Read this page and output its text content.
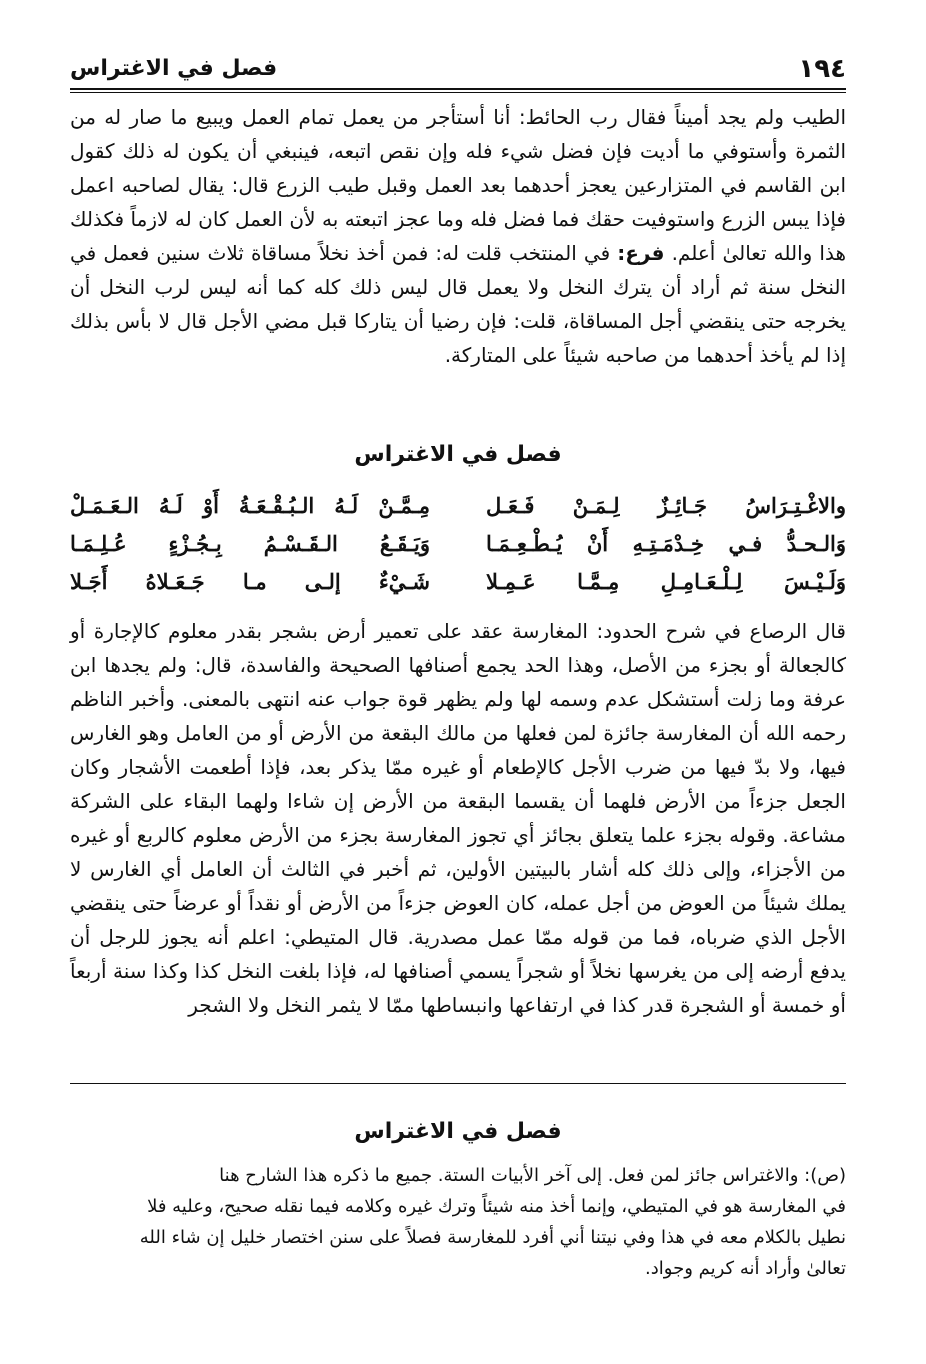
١٩٤
فصل في الاغتراس
الطيب ولم يجد أميناً فقال رب الحائط: أنا أستأجر من يعمل تمام العمل ويبيع ما صار له من الثمرة وأستوفي ما أديت فإن فضل شيء فله وإن نقص اتبعه، فينبغي أن يكون له ذلك كقول ابن القاسم في المتزارعين يعجز أحدهما بعد العمل وقبل طيب الزرع قال: يقال لصاحبه اعمل فإذا يبس الزرع واستوفيت حقك فما فضل فله وما عجز اتبعته به لأن العمل كان له لازماً فكذلك هذا والله تعالىٰ أعلم. فرع: في المنتخب قلت له: فمن أخذ نخلاً مساقاة ثلاث سنين فعمل في النخل سنة ثم أراد أن يترك النخل ولا يعمل قال ليس ذلك كله كما أنه ليس لرب النخل أن يخرجه حتى ينقضي أجل المساقاة، قلت: فإن رضيا أن يتاركا قبل مضي الأجل قال لا بأس بذلك إذا لم يأخذ أحدهما من صاحبه شيئاً على المتاركة.
فصل في الاغتراس
والاغْـتِـرَاسُ جَـائِـزٌ لِـمَـنْ فَـعَـل
مِـمَّـنْ لَـهُ الـبُـقْـعَـةُ أَوْ لَـهُ الـعَـمَـلْ
وَالـحـدُّ فـي خِـدْمَـتِـهِ أَنْ يُـطْـعِـمَـا
وَيَـقَـعُ الـقَـسْـمُ بِـجُـزْءٍ عُـلِـمَـا
وَلَـيْـسَ لِـلْـعَـامِـلِ مِـمَّـا عَـمِـلا
شَـيْءٌ إلـى مـا جَـعَـلاهُ أَجَـلا
قال الرصاع في شرح الحدود: المغارسة عقد على تعمير أرض بشجر بقدر معلوم كالإجارة أو كالجعالة أو بجزء من الأصل، وهذا الحد يجمع أصنافها الصحيحة والفاسدة، قال: ولم يجدها ابن عرفة وما زلت أستشكل عدم وسمه لها ولم يظهر قوة جواب عنه انتهى بالمعنى. وأخبر الناظم رحمه الله أن المغارسة جائزة لمن فعلها من مالك البقعة من الأرض أو من العامل وهو الغارس فيها، ولا بدّ فيها من ضرب الأجل كالإطعام أو غيره ممّا يذكر بعد، فإذا أطعمت الأشجار وكان الجعل جزءاً من الأرض فلهما أن يقسما البقعة من الأرض إن شاءا ولهما البقاء على الشركة مشاعة. وقوله بجزء علما يتعلق بجائز أي تجوز المغارسة بجزء من الأرض معلوم كالربع أو غيره من الأجزاء، وإلى ذلك كله أشار بالبيتين الأولين، ثم أخبر في الثالث أن العامل أي الغارس لا يملك شيئاً من العوض من أجل عمله، كان العوض جزءاً من الأرض أو نقداً أو عرضاً حتى ينقضي الأجل الذي ضرباه، فما من قوله ممّا عمل مصدرية. قال المتيطي: اعلم أنه يجوز للرجل أن يدفع أرضه إلى من يغرسها نخلاً أو شجراً يسمي أصنافها له، فإذا بلغت النخل كذا وكذا سنة أربعاً أو خمسة أو الشجرة قدر كذا في ارتفاعها وانبساطها ممّا لا يثمر النخل ولا الشجر
فصل في الاغتراس
(ص): والاغتراس جائز لمن فعل. إلى آخر الأبيات الستة. جميع ما ذكره هذا الشارح هنا
في المغارسة هو في المتيطي، وإنما أخذ منه شيئاً وترك غيره وكلامه فيما نقله صحيح، وعليه فلا
نطيل بالكلام معه في هذا وفي نيتنا أني أفرد للمغارسة فصلاً على سنن اختصار خليل إن شاء الله
تعالىٰ وأراد أنه كريم وجواد.
